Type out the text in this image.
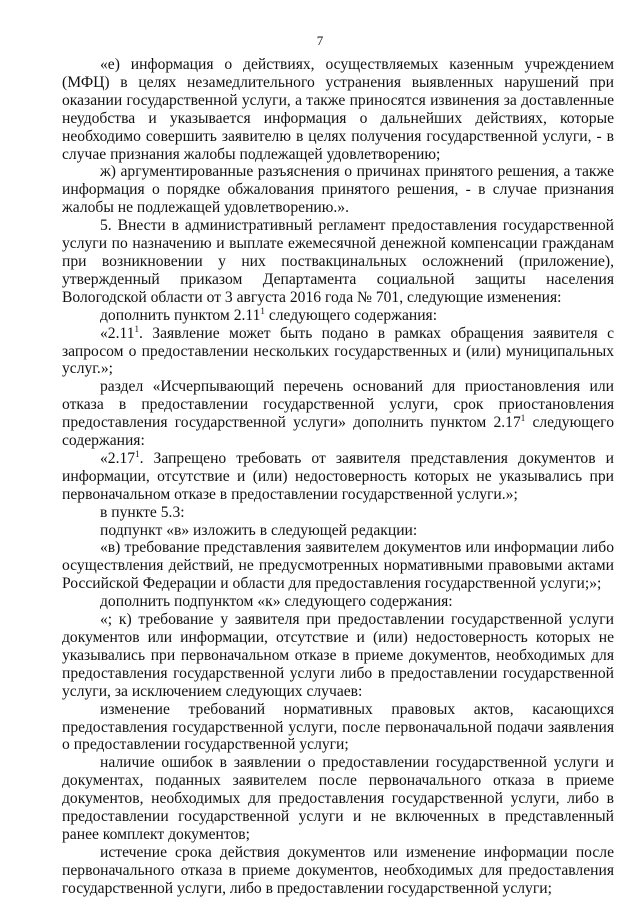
7

«е) информация о действиях, осуществляемых казенным учреждением (МФЦ) в целях незамедлительного устранения выявленных нарушений при оказании государственной услуги, а также приносятся извинения за доставленные неудобства и указывается информация о дальнейших действиях, которые необходимо совершить заявителю в целях получения государственной услуги, - в случае признания жалобы подлежащей удовлетворению;

ж) аргументированные разъяснения о причинах принятого решения, а также информация о порядке обжалования принятого решения, - в случае признания жалобы не подлежащей удовлетворению.».

5. Внести в административный регламент предоставления государственной услуги по назначению и выплате ежемесячной денежной компенсации гражданам при возникновении у них поствакцинальных осложнений (приложение), утвержденный приказом Департамента социальной защиты населения Вологодской области от 3 августа 2016 года № 701, следующие изменения:

дополнить пунктом 2.11$^1$ следующего содержания:

«2.11$^1$. Заявление может быть подано в рамках обращения заявителя с запросом о предоставлении нескольких государственных и (или) муниципальных услуг.»;

раздел «Исчерпывающий перечень оснований для приостановления или отказа в предоставлении государственной услуги, срок приостановления предоставления государственной услуги» дополнить пунктом 2.17$^1$ следующего содержания:

«2.17$^1$. Запрещено требовать от заявителя представления документов и информации, отсутствие и (или) недостоверность которых не указывались при первоначальном отказе в предоставлении государственной услуги.»;

в пункте 5.3:

подпункт «в» изложить в следующей редакции:

«в) требование представления заявителем документов или информации либо осуществления действий, не предусмотренных нормативными правовыми актами Российской Федерации и области для предоставления государственной услуги;»;

дополнить подпунктом «к» следующего содержания:

«; к) требование у заявителя при предоставлении государственной услуги документов или информации, отсутствие и (или) недостоверность которых не указывались при первоначальном отказе в приеме документов, необходимых для предоставления государственной услуги либо в предоставлении государственной услуги, за исключением следующих случаев:

изменение требований нормативных правовых актов, касающихся предоставления государственной услуги, после первоначальной подачи заявления о предоставлении государственной услуги;

наличие ошибок в заявлении о предоставлении государственной услуги и документах, поданных заявителем после первоначального отказа в приеме документов, необходимых для предоставления государственной услуги, либо в предоставлении государственной услуги и не включенных в представленный ранее комплект документов;

истечение срока действия документов или изменение информации после первоначального отказа в приеме документов, необходимых для предоставления государственной услуги, либо в предоставлении государственной услуги;
